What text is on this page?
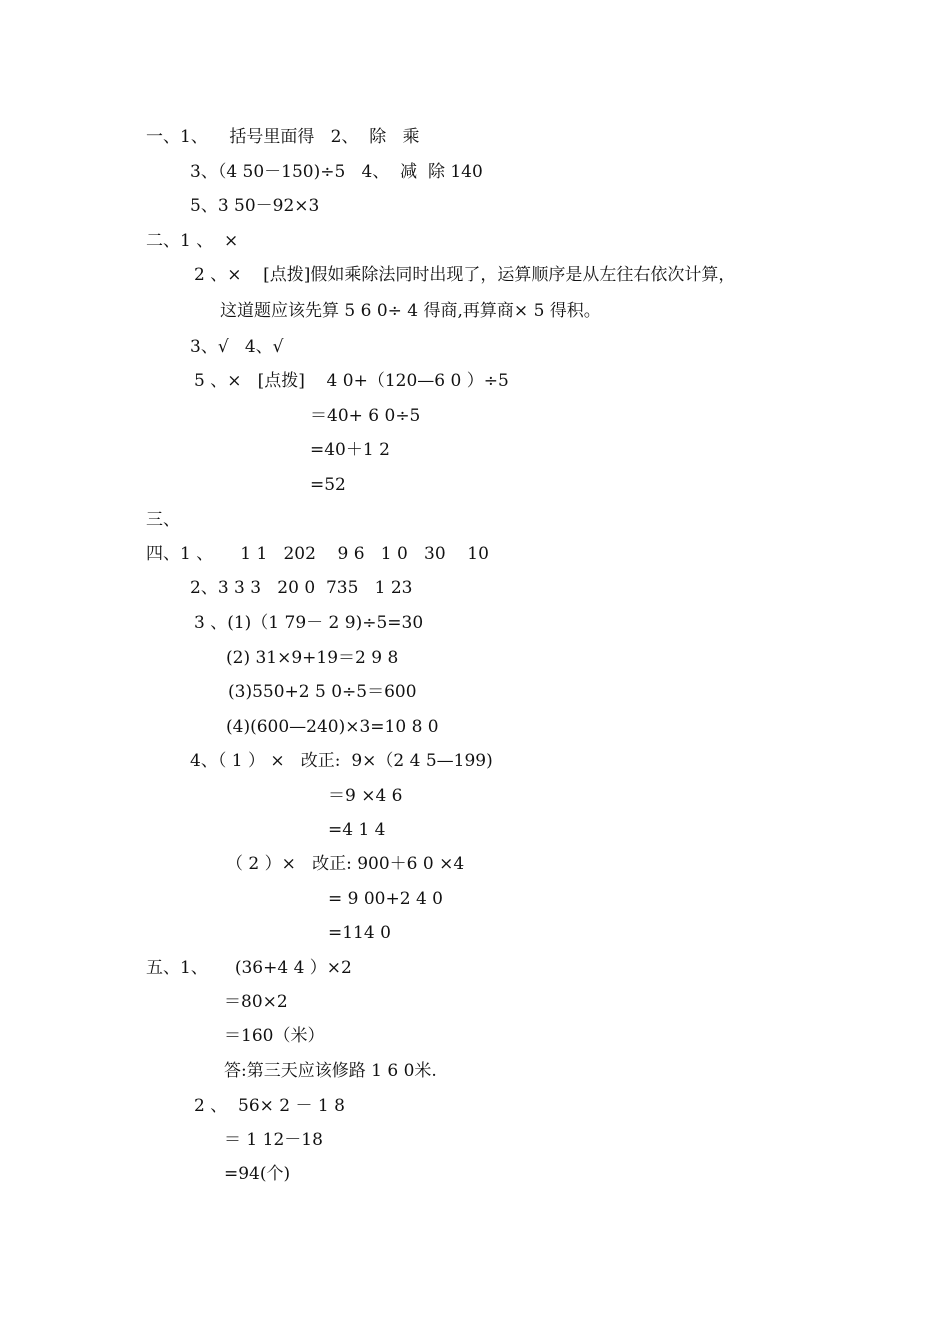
一、1、    括号里面得   2、  除   乘
3、（4 50－150)÷5   4、  减  除 140
5、3 50－92×3
二、1 、  ×
2 、×    [点拨]假如乘除法同时出现了，运算顺序是从左往右依次计算，
这道题应该先算 5 6 0÷ 4 得商,再算商× 5 得积。
3、√   4、√
5 、×   [点拨]    4 0+（120—6 0 ）÷5
＝40+ 6 0÷5
=40＋1 2
=52
三、
四、1 、     1 1   202    9 6   1 0   30    10
2、3 3 3   20 0  735   1 23
3 、(1)（1 79－ 2 9)÷5=30
(2) 31×9+19＝2 9 8
(3)550+2 5 0÷5＝600
(4)(600—240)×3=10 8 0
4、（ 1 ） ×   改正:  9×（2 4 5—199)
＝9 ×4 6
=4 1 4
（ 2 ）×   改正: 900＋6 0 ×4
= 9 00+2 4 0
=114 0
五、1、     (36+4 4 ）×2
＝80×2
＝160（米）
答:第三天应该修路 1 6 0米.
2 、  56× 2 － 1 8
＝ 1 12－18
=94(个)
